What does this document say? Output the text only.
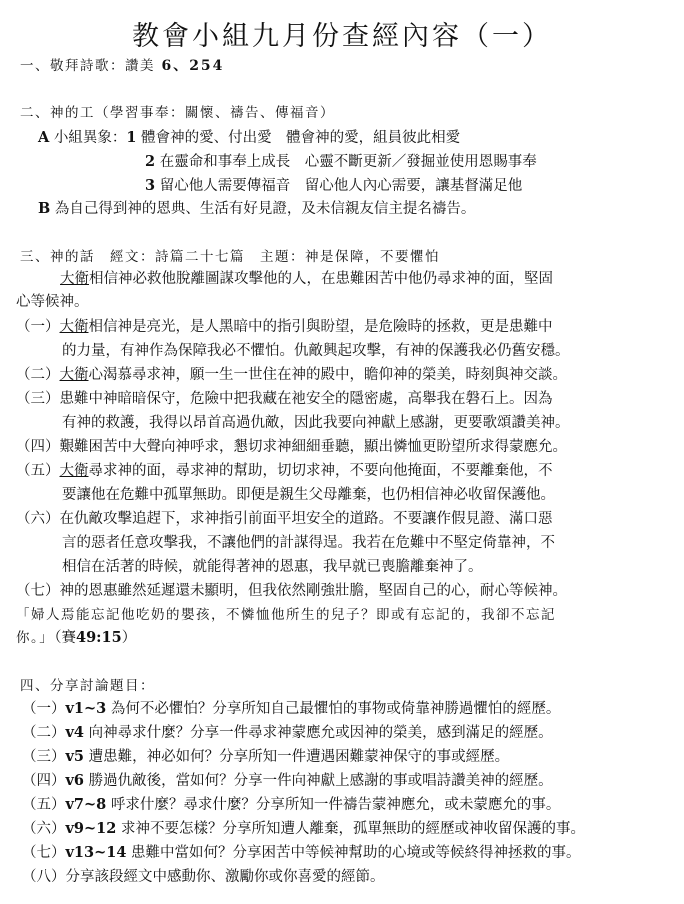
教會小組九月份查經內容（一）
一、敬拜詩歌：讚美 6、254
二、神的工（學習事奉：關懷、禱告、傳福音）
A 小組異象：1 體會神的愛、付出愛　體會神的愛，組員彼此相愛
2 在靈命和事奉上成長　心靈不斷更新／發掘並使用恩賜事奉
3 留心他人需要傳福音　留心他人內心需要，讓基督滿足他
B 為自己得到神的恩典、生活有好見證，及未信親友信主提名禱告。
三、神的話　經文：詩篇二十七篇　主題：神是保障，不要懼怕
大衛相信神必救他脫離圖謀攻擊他的人，在患難困苦中他仍尋求神的面，堅固
心等候神。
（一）大衛相信神是亮光，是人黑暗中的指引與盼望，是危險時的拯救，更是患難中
的力量，有神作為保障我必不懼怕。仇敵興起攻擊，有神的保護我必仍舊安穩。
（二）大衛心渴慕尋求神，願一生一世住在神的殿中，瞻仰神的榮美，時刻與神交談。
（三）患難中神暗暗保守，危險中把我藏在祂安全的隱密處，高舉我在磐石上。因為
有神的救護，我得以昂首高過仇敵，因此我要向神獻上感謝，更要歌頌讚美神。
（四）艱難困苦中大聲向神呼求，懇切求神細細垂聽，顯出憐恤更盼望所求得蒙應允。
（五）大衛尋求神的面，尋求神的幫助，切切求神，不要向他掩面，不要離棄他，不
要讓他在危難中孤單無助。即便是親生父母離棄，也仍相信神必收留保護他。
（六）在仇敵攻擊追趕下，求神指引前面平坦安全的道路。不要讓作假見證、滿口惡
言的惡者任意攻擊我，不讓他們的計謀得逞。我若在危難中不堅定倚靠神，不
相信在活著的時候，就能得著神的恩惠，我早就已喪膽離棄神了。
（七）神的恩惠雖然延遲還未顯明，但我依然剛強壯膽，堅固自己的心，耐心等候神。
「婦人焉能忘記他吃奶的嬰孩，不憐恤他所生的兒子？即或有忘記的，我卻不忘記
你。」（賽49:15）
四、分享討論題目：
（一）v1~3 為何不必懼怕？分享所知自己最懼怕的事物或倚靠神勝過懼怕的經歷。
（二）v4 向神尋求什麼？分享一件尋求神蒙應允或因神的榮美，感到滿足的經歷。
（三）v5 遭患難，神必如何？分享所知一件遭遇困難蒙神保守的事或經歷。
（四）v6 勝過仇敵後，當如何？分享一件向神獻上感謝的事或唱詩讚美神的經歷。
（五）v7~8 呼求什麼？尋求什麼？分享所知一件禱告蒙神應允，或未蒙應允的事。
（六）v9~12 求神不要怎樣？分享所知遭人離棄，孤單無助的經歷或神收留保護的事。
（七）v13~14 患難中當如何？分享困苦中等候神幫助的心境或等候終得神拯救的事。
（八）分享該段經文中感動你、激勵你或你喜愛的經節。
